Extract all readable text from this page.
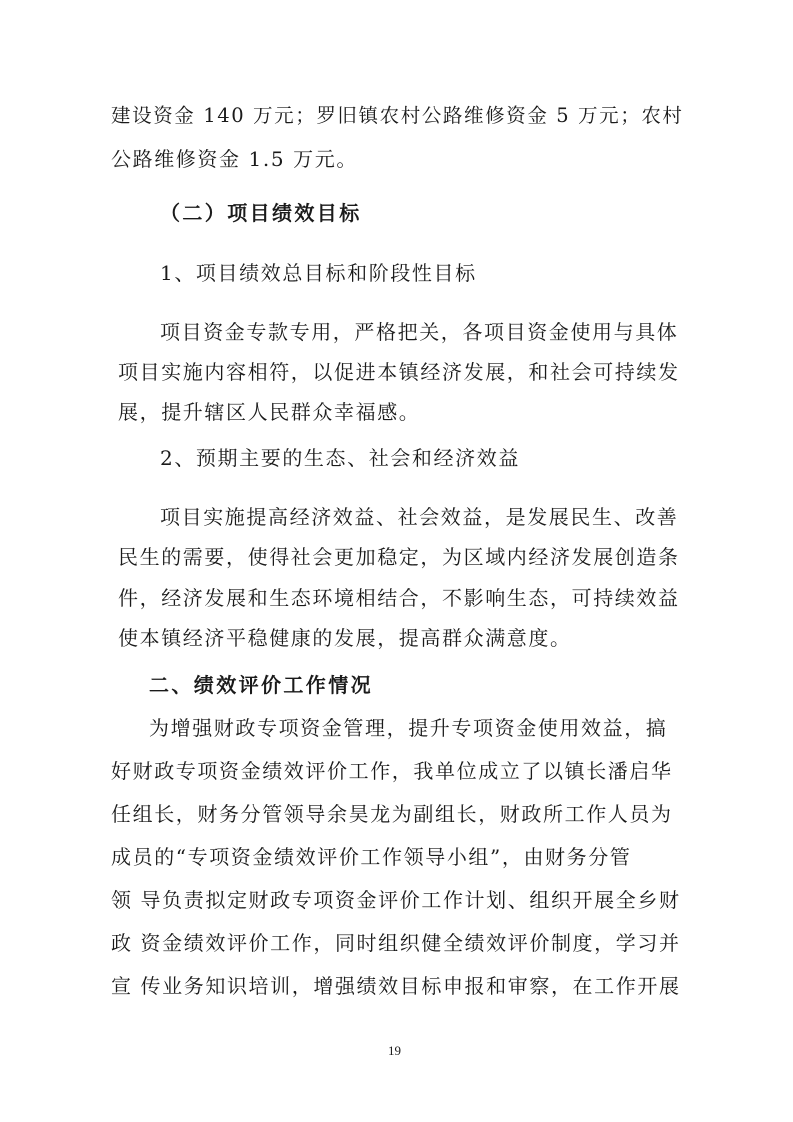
建设资金 140 万元；罗旧镇农村公路维修资金 5 万元；农村
公路维修资金 1.5 万元。
（二）项目绩效目标
1、项目绩效总目标和阶段性目标
项目资金专款专用，严格把关，各项目资金使用与具体
项目实施内容相符，以促进本镇经济发展，和社会可持续发
展，提升辖区人民群众幸福感。
2、预期主要的生态、社会和经济效益
项目实施提高经济效益、社会效益，是发展民生、改善
民生的需要，使得社会更加稳定，为区域内经济发展创造条
件，经济发展和生态环境相结合，不影响生态，可持续效益
使本镇经济平稳健康的发展，提高群众满意度。
二、绩效评价工作情况
为增强财政专项资金管理，提升专项资金使用效益，搞
好财政专项资金绩效评价工作，我单位成立了以镇长潘启华
任组长，财务分管领导余昊龙为副组长，财政所工作人员为
成员的“专项资金绩效评价工作领导小组”，由财务分管
领 导负责拟定财政专项资金评价工作计划、组织开展全乡财
政 资金绩效评价工作，同时组织健全绩效评价制度，学习并
宣 传业务知识培训，增强绩效目标申报和审察，在工作开展
19
